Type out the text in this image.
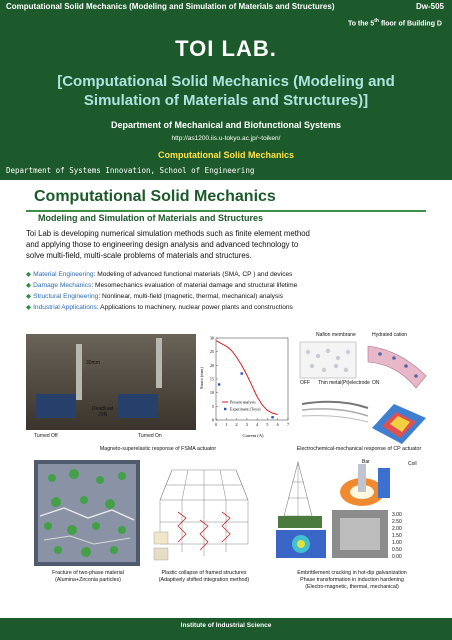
Computational Solid Mechanics (Modeling and Simulation of Materials and Structures)	Dw-505
To the 5th floor of Building D
TOI LAB.
[Computational Solid Mechanics (Modeling and
Simulation of Materials and Structures)]
Department of Mechanical and Biofunctional Systems
http://as1200.iis.u-tokyo.ac.jp/~toiken/
Computational Solid Mechanics
Department of Systems Innovation, School of Engineering
Computational Solid Mechanics
Modeling and Simulation of Materials and Structures
Toi Lab is developing numerical simulation methods such as finite element method
and applying those to engineering design analysis and advanced technology to
solve multi-field, multi-scale problems of materials and structures.
◆ Material Engineering: Modeling of advanced functional materials (SMA, CP ) and devices
◆ Damage Mechanics: Mesomechanics evaluation of material damage and structural lifetime
◆ Structural Engineering: Nonlinear, multi-field (magnetic, thermal, mechanical) analysis
◆ Industrial Applications: Applications to machinery, nuclear power plants and constructions
30mm
Deadload
20N
Turned Off	Turned On
0
5
10
15
20
25
30
0 1 2 3 4 5 6 7
Present analysis
Experiment (Toyo)
Strain (mm)
Current (A)
Magneto-superelastic response of FSMA actuator
Nafion membrane	Hydrated cation
OFF Thin metal(Pt)electrode ON
Electrochemical-mechanical response of CP actuator
Fracture of two-phase material
(Alumina+Zirconia particles)
Plastic collapse of framed structures
(Adaptively shifted integration method)
Bar	Coil
3.00
2.50
2.00
1.50
1.00
0.50
0.00
Embrittlement cracking in hot-dip galvanization
Phase transformation in induction hardening
(Electro-magnetic, thermal, mechanical)
Institute of Industrial Science
